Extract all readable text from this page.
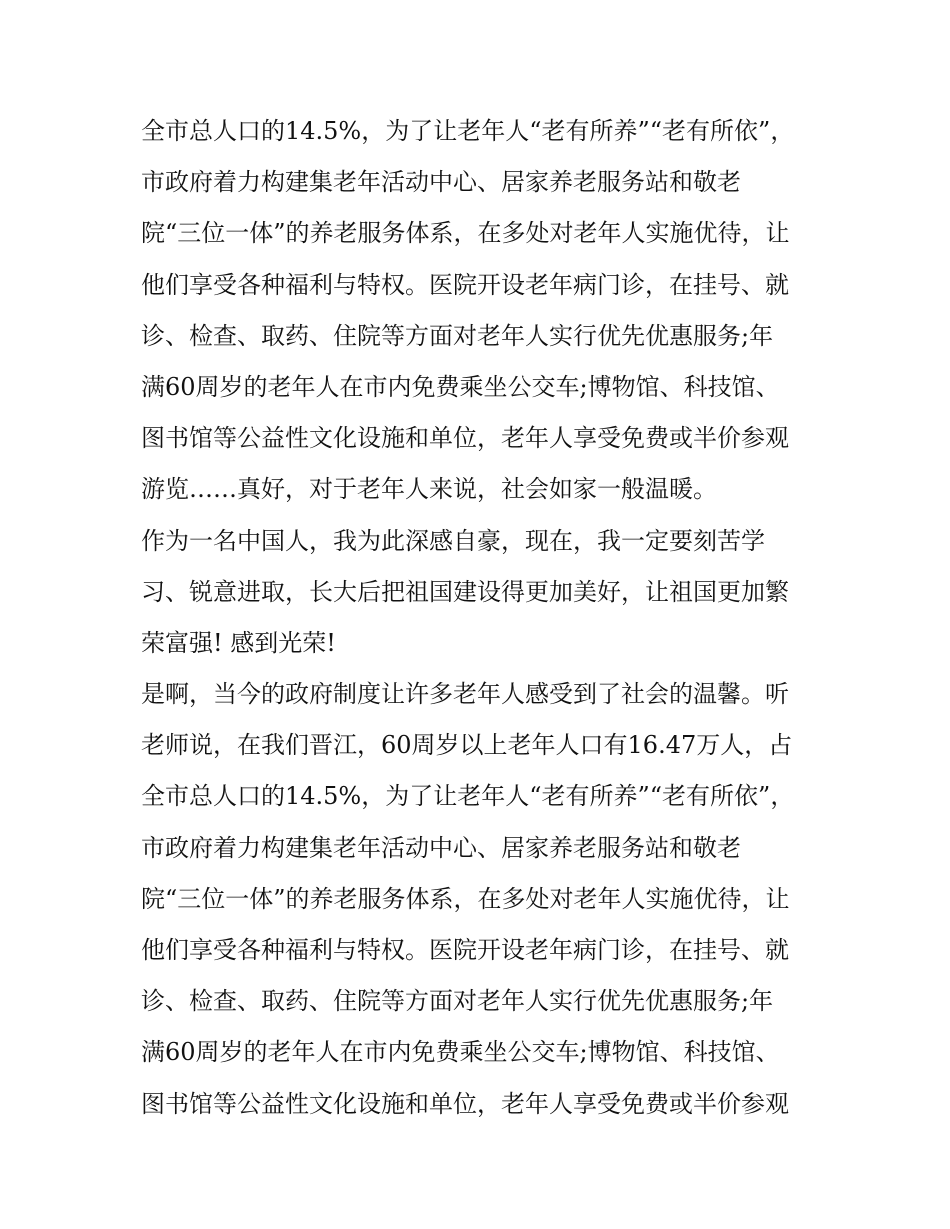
全市总人口的14.5%，为了让老年人“老有所养”“老有所依”，
市政府着力构建集老年活动中心、居家养老服务站和敬老
院“三位一体”的养老服务体系，在多处对老年人实施优待，让
他们享受各种福利与特权。医院开设老年病门诊，在挂号、就
诊、检查、取药、住院等方面对老年人实行优先优惠服务;年
满60周岁的老年人在市内免费乘坐公交车;博物馆、科技馆、
图书馆等公益性文化设施和单位，老年人享受免费或半价参观
游览……真好，对于老年人来说，社会如家一般温暖。
作为一名中国人，我为此深感自豪，现在，我一定要刻苦学
习、锐意进取，长大后把祖国建设得更加美好，让祖国更加繁
荣富强! 感到光荣!
是啊，当今的政府制度让许多老年人感受到了社会的温馨。听
老师说，在我们晋江，60周岁以上老年人口有16.47万人，占
全市总人口的14.5%，为了让老年人“老有所养”“老有所依”，
市政府着力构建集老年活动中心、居家养老服务站和敬老
院“三位一体”的养老服务体系，在多处对老年人实施优待，让
他们享受各种福利与特权。医院开设老年病门诊，在挂号、就
诊、检查、取药、住院等方面对老年人实行优先优惠服务;年
满60周岁的老年人在市内免费乘坐公交车;博物馆、科技馆、
图书馆等公益性文化设施和单位，老年人享受免费或半价参观
